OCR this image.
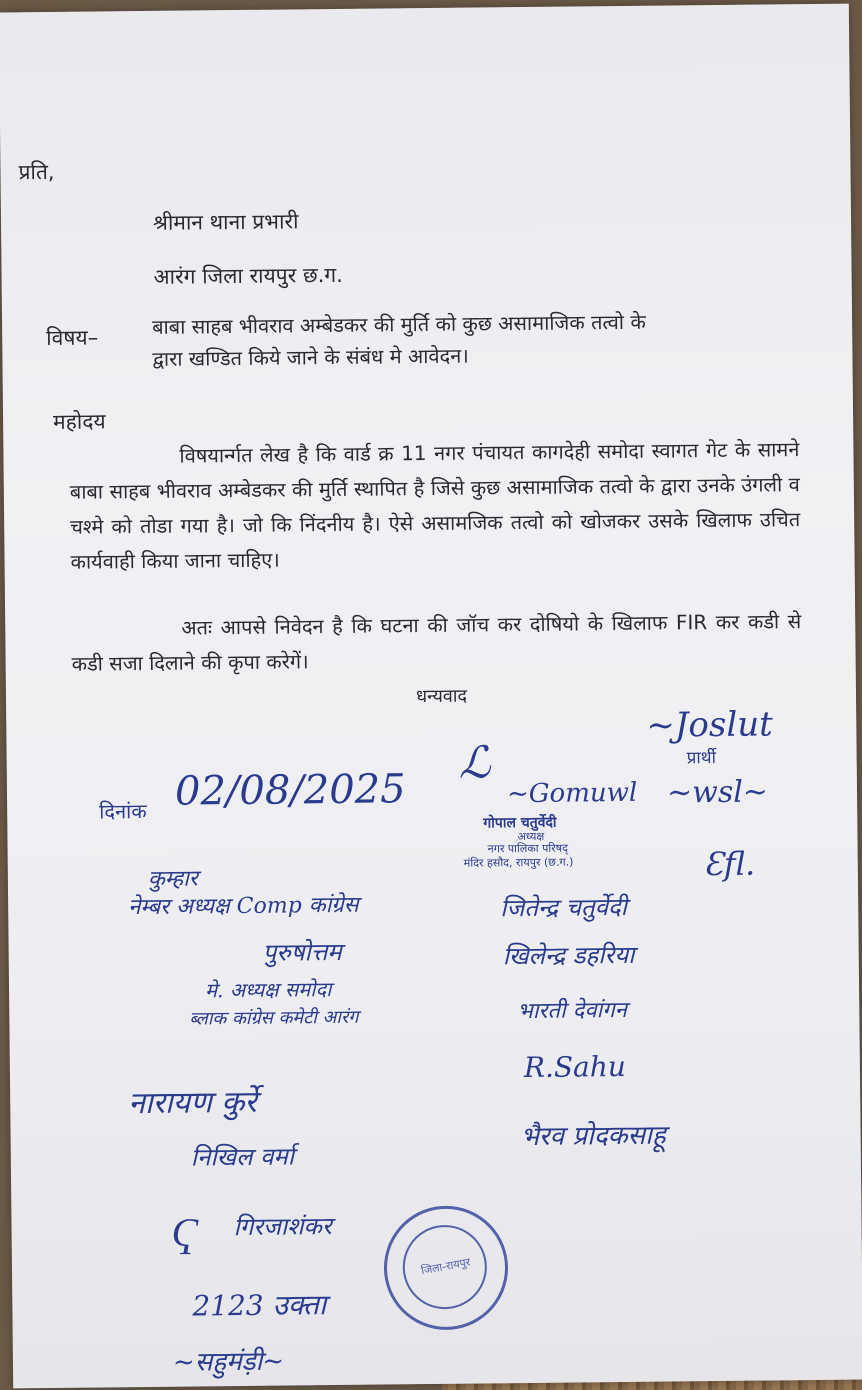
प्रति,
श्रीमान थाना प्रभारी
आरंग जिला रायपुर छ.ग.
विषय–	बाबा साहब भीवराव अम्बेडकर की मुर्ति को कुछ असामाजिक तत्वो के
द्वारा खण्डित किये जाने के संबंध मे आवेदन।
महोदय
विषयार्न्गत लेख है कि वार्ड क्र 11 नगर पंचायत कागदेही समोदा स्वागत गेट के सामने बाबा साहब भीवराव अम्बेडकर की मुर्ति स्थापित है जिसे कुछ असामाजिक तत्वो के द्वारा उनके उंगली व चश्मे को तोडा गया है। जो कि निंदनीय है। ऐसे असामजिक तत्वो को खोजकर उसके खिलाफ उचित कार्यवाही किया जाना चाहिए।
अतः आपसे निवेदन है कि घटना की जॉच कर दोषियो के खिलाफ FIR कर कडी से कडी सजा दिलाने की कृपा करेगें।
धन्यवाद
~Joslut
प्रार्थी
दिनांक 02/08/2025
ℒ
~Gomuwl
गोपाल चतुर्वेदी
अध्यक्ष
नगर पालिका परिषद्
मंदिर हसौद, रायपुर (छ.ग.)
~wsl~
Ɛfl.
कुम्हार
नेम्बर अध्यक्ष Comp कांग्रेस
पुरुषोत्तम
मे. अध्यक्ष समोदा
ब्लाक कांग्रेस कमेटी आरंग
नारायण कुर्रे
निखिल वर्मा
गिरजाशंकर
2123 उक्ता
Ҁ
~सहुमंड़ी~
जितेन्द्र चतुर्वेदी
खिलेन्द्र डहरिया
भारती देवांगन
R.Sahu
भैरव प्रोदकसाहू
जिला-रायपुर
